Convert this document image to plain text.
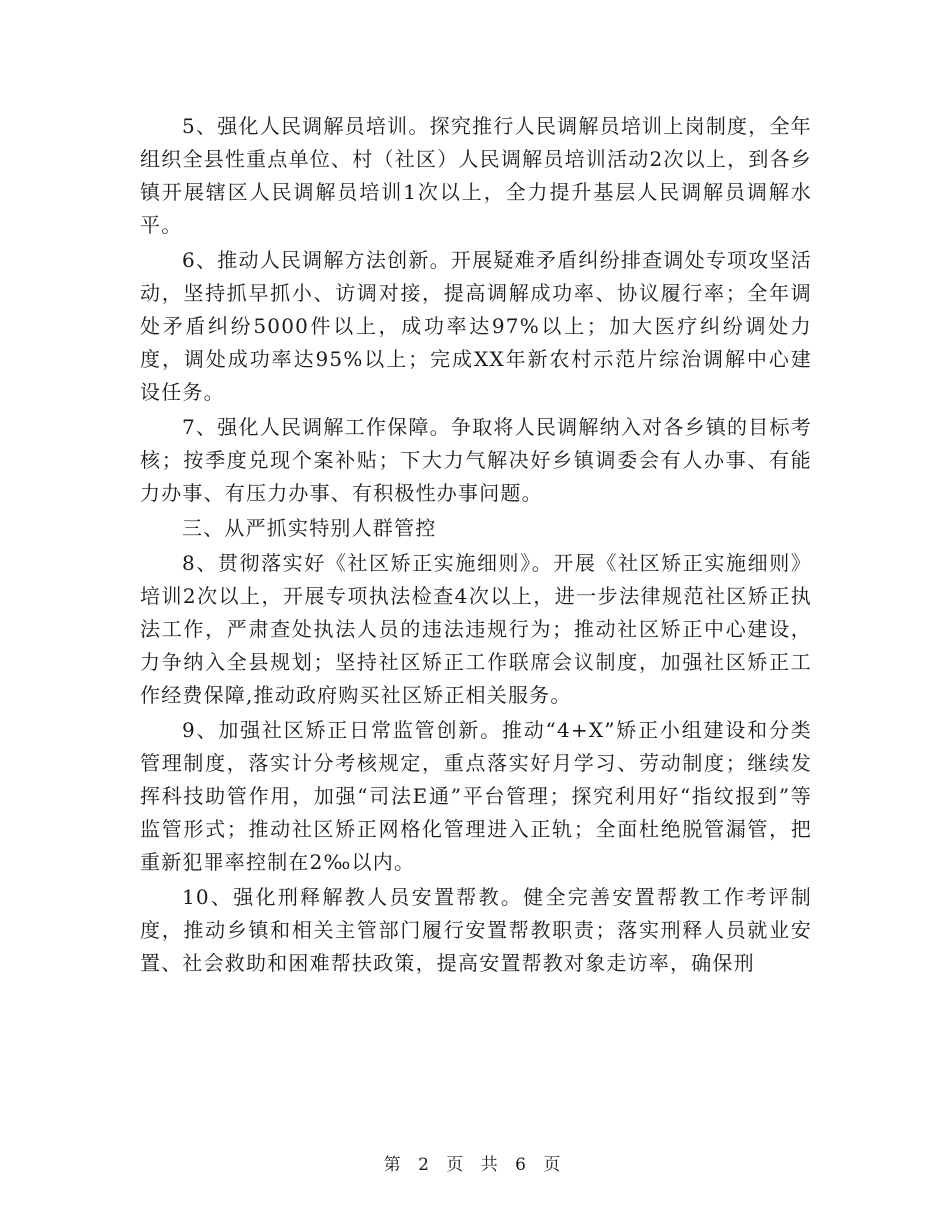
5、强化人民调解员培训。探究推行人民调解员培训上岗制度，全年组织全县性重点单位、村（社区）人民调解员培训活动2次以上，到各乡镇开展辖区人民调解员培训1次以上，全力提升基层人民调解员调解水平。

6、推动人民调解方法创新。开展疑难矛盾纠纷排查调处专项攻坚活动，坚持抓早抓小、访调对接，提高调解成功率、协议履行率；全年调处矛盾纠纷5000件以上，成功率达97%以上；加大医疗纠纷调处力度，调处成功率达95%以上；完成XX年新农村示范片综治调解中心建设任务。

7、强化人民调解工作保障。争取将人民调解纳入对各乡镇的目标考核；按季度兑现个案补贴；下大力气解决好乡镇调委会有人办事、有能力办事、有压力办事、有积极性办事问题。

三、从严抓实特别人群管控

8、贯彻落实好《社区矫正实施细则》。开展《社区矫正实施细则》培训2次以上，开展专项执法检查4次以上，进一步法律规范社区矫正执法工作，严肃查处执法人员的违法违规行为；推动社区矫正中心建设，力争纳入全县规划；坚持社区矫正工作联席会议制度，加强社区矫正工作经费保障,推动政府购买社区矫正相关服务。

9、加强社区矫正日常监管创新。推动“4+X”矫正小组建设和分类管理制度，落实计分考核规定，重点落实好月学习、劳动制度；继续发挥科技助管作用，加强“司法E通”平台管理；探究利用好“指纹报到”等监管形式；推动社区矫正网格化管理进入正轨；全面杜绝脱管漏管，把重新犯罪率控制在2‰以内。

10、强化刑释解教人员安置帮教。健全完善安置帮教工作考评制度，推动乡镇和相关主管部门履行安置帮教职责；落实刑释人员就业安置、社会救助和困难帮扶政策，提高安置帮教对象走访率，确保刑

第 2 页 共 6 页
